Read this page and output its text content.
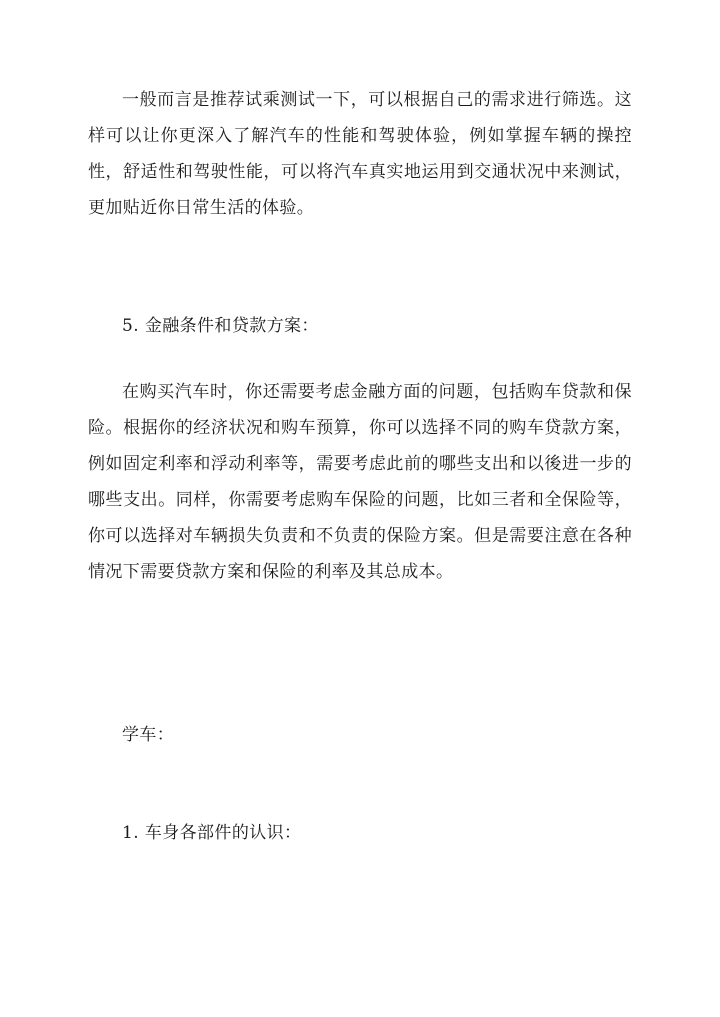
一般而言是推荐试乘测试一下，可以根据自己的需求进行筛选。这样可以让你更深入了解汽车的性能和驾驶体验，例如掌握车辆的操控性，舒适性和驾驶性能，可以将汽车真实地运用到交通状况中来测试，更加贴近你日常生活的体验。

5. 金融条件和贷款方案：

在购买汽车时，你还需要考虑金融方面的问题，包括购车贷款和保险。根据你的经济状况和购车预算，你可以选择不同的购车贷款方案，例如固定利率和浮动利率等，需要考虑此前的哪些支出和以後进一步的哪些支出。同样，你需要考虑购车保险的问题，比如三者和全保险等，你可以选择对车辆损失负责和不负责的保险方案。但是需要注意在各种情况下需要贷款方案和保险的利率及其总成本。

学车：

1. 车身各部件的认识：
